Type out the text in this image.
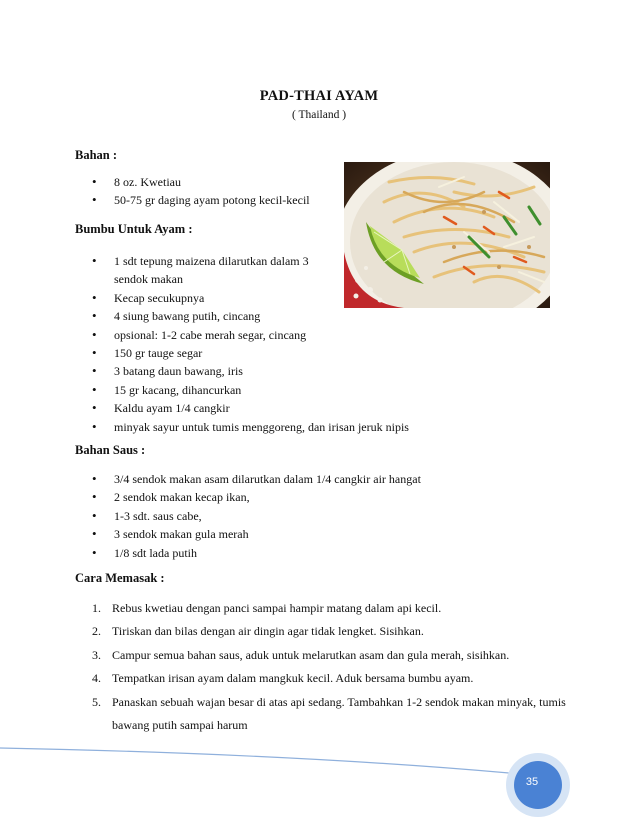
PAD-THAI AYAM
( Thailand )
Bahan :
• 8 oz. Kwetiau
• 50-75 gr daging ayam potong kecil-kecil
Bumbu Untuk Ayam :
• 1 sdt tepung maizena dilarutkan dalam 3 sendok makan
• Kecap secukupnya
• 4 siung bawang putih, cincang
• opsional: 1-2 cabe merah segar, cincang
• 150 gr tauge segar
• 3 batang daun bawang, iris
• 15 gr kacang, dihancurkan
• Kaldu ayam 1/4 cangkir
• minyak sayur untuk tumis menggoreng, dan irisan jeruk nipis
Bahan Saus :
• 3/4 sendok makan asam dilarutkan dalam 1/4 cangkir air hangat
• 2 sendok makan kecap ikan,
• 1-3 sdt. saus cabe,
• 3 sendok makan gula merah
• 1/8 sdt lada putih
Cara Memasak :
1. Rebus kwetiau dengan panci sampai hampir matang dalam api kecil.
2. Tiriskan dan bilas dengan air dingin agar tidak lengket. Sisihkan.
3. Campur semua bahan saus, aduk untuk melarutkan asam dan gula merah, sisihkan.
4. Tempatkan irisan ayam dalam mangkuk kecil. Aduk bersama bumbu ayam.
5. Panaskan sebuah wajan besar di atas api sedang. Tambahkan 1-2 sendok makan minyak, tumis bawang putih sampai harum
35
